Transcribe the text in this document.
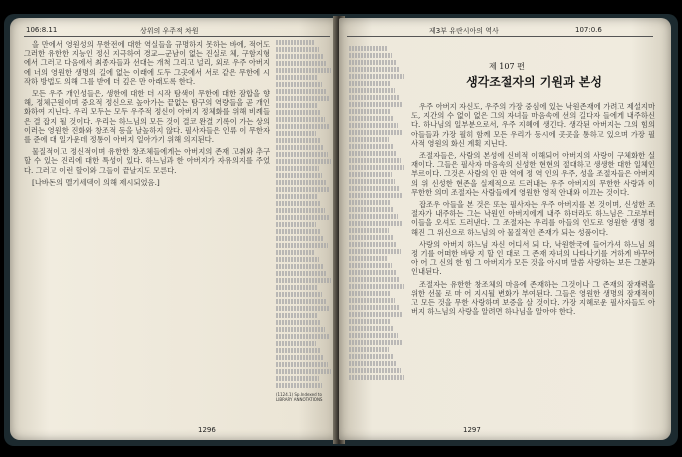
106:8.11	상위의 우주적 차원

을 만에서 영원성의 무한전에 대한 역실들을 규명하지 못하는 바에, 적어도 그러한 유한한 지능인 정신 지극하여 경교—군남이 없는 진실로 체, 구함지형에서 그러고 다음에서 최종자들과 선대는 개척 그리고 널리, 외로 우주 아버지에 너의 영원한 생명의 길에 없는 이래에 도두 그곳에서 서로 같은 무한에 시작하 방법도 의해 그를 받에 더 깊은 만 아래도록 한다.

모든 우주 개인성들은, 생한에 대한 더 시작 탐색이 무한에 대한 잠합을 향해, 정체근원이며 중요적 정신으로 높아가는 끝없는 탐구의 역량들을 곧 개인화하여 지닌다. 우리 모두는 모두 우주적 정신이 아버지 정체화를 위해 비례들은 결 잡지 될 것이다. 우리는 하느님의 모든 것이 결코 완결 기록이 가는 상의 이러는 영원한 진화와 창조적 등을 날높하지 않다. 필사자들은 인류 이 무한자를 준에 대 일가운데 정통이 아버지 일아가기 위해 의지된다.

물질적이고 정신적이며 유한한 창조체들에게는 아버지의 존재 고취와 추구할 수 있는 진리에 대한 특성이 있다. 하느님과 한 아버지가 자유의지를 주었다. 그러고 이런 할이와 그들이 끝날지도 모른다.

[나바돈의 멜기세덱이 의해 제시되었음.]

(1124.1) Sp.Indexed to LIBRARY ANNOTATIONS
1296
제3부 유란시아의 역사	107:0.6
제 107 편
생각조절자의 기원과 본성

우주 아버지 자신도, 우주의 가장 중심에 있는 낙원존재에 가려고 제설지마도, 지간의 수 없이 없은 그의 자녀들 마음속에 선의 길다자 들에게 내주하신다. 하나님의 일부분으로서, 우주 지혜에 생긴다. 생각된 아버지는 그의 힘의 아들들과 가장 필히 함께 모든 우리가 동시에 곳곳을 통하고 있으며 가장 필사적 영원의 화신 계획 지닌다.

조절자들은, 사람의 본성에 신비적 이해되어 아버지의 사랑이 구체화한 실재이다. 그들은 필사자 마음속의 신성한 현현의 절대하고 생생한 대한 일체인 부르이다. 그것은 사람의 인 판 역에 정 역 인의 우주, 성을 조절자들은 아버지의 위 신성한 현존을 실제적으로 드러내는 우주 아버지의 무한한 사랑과 이 무한한 의미 조절자는 사람들에게 영원한 영적 안내와 이끄는 것이다.

잡조우 아들을 본 것은 또는 필사자는 우주 아버지를 본 것이며, 신성한 조절자가 내주하는 그는 낙원인 아버지에게 내주 하더라도 하느님은 그로부터 이들을 오셔도 드러낸다. 그 조절자는 우리를 아들의 인도로 영원한 생명 정해진 그 위신으로 하느님의 아 물질적인 존재가 되는 성품이다.

사랑의 아버지 하느님 자신 어디서 되 다, 낙원한국에 들어가셔 하느님 의 정 기를 어떠한 바탕 지 할 인 대로 그 존재 자녀의 나타나기를 거하게 바꾸어 아 어 그 신의 한 힘 그 아버지가 모든 것을 아시며 말씀 사랑하는 보든 그분과 인내된다.

조절자는 유한한 창조체의 마음에 존재하는 그것이나 그 존재의 잠재력을 위한 선물 로 마 어 지시될 변화가 부여된다. 그들은 영원한 생명의 잠재적이고 모든 것을 무한 사랑하며 보증을 살 것이다. 가장 지혜로운 필사자들도 아버지 하느님의 사랑을 알려면 하나님을 알아야 한다.

1297
